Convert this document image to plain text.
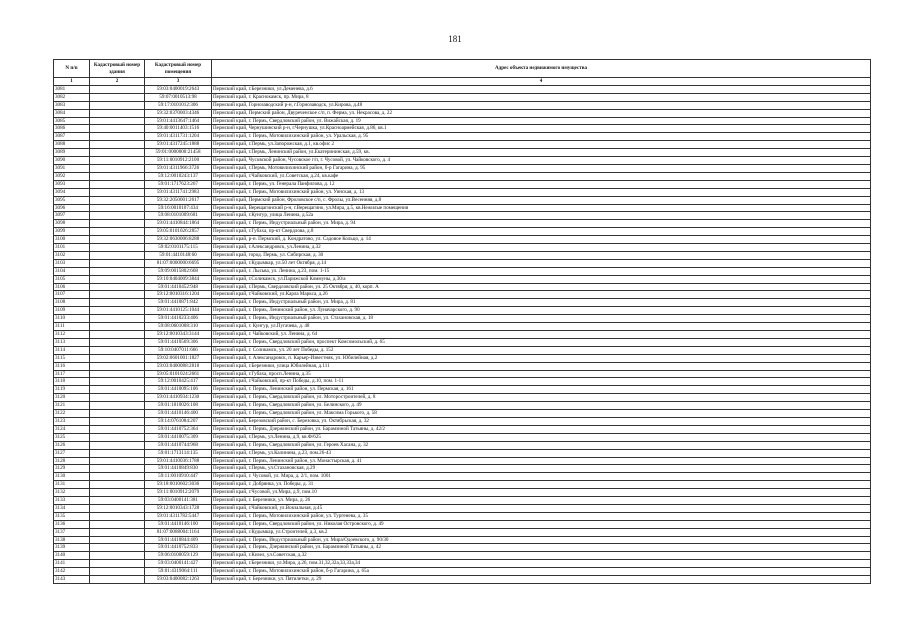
181
N п/п	Кадастровый номер здания	Кадастровый номер помещения	Адрес объекта недвижимого имущества
1	2	3	4
3081		59:03:0400019:2643	Пермский край, г.Березники, ул.Деменева, д.6
3082		59:07:0010513:98	Пермский край, г. Краснокамск, пр. Мира, 8
3083		59:17:0101012:306	Пермский край, Горнозаводский р-н, г.Горнозаводск, ул.Кирова, д.48
3084		59:32:0370003:4346	Пермский край, Пермский район, Двуреченское с/п, п. Ферма, ул. Некрасова, д. 22
3085		59:01:4413647:1464	Пермский край, г. Пермь, Свердловский район, ул. Вижайская, д. 19
3086		59:40:0011403:1516	Пермский край, Чернушинский р-н, г.Чернушка, ул.Красноармейская, д.86, кв.1
3087		59:01:4311731:1204	Пермский край, г. Пермь, Мотовилихинский район, ул. Уральская, д. 95
3088		59:01:4317245:1888	Пермский край, г.Пермь, ул.Запорожская, д.1, кв.офис 2
3089		59:01:0000000:21458	Пермский край, г.Пермь, Ленинский район, ул.Екатерининская, д.59, кв.
3090		59:11:0010912:2100	Пермский край, Чусовской район, Чусовское г/п, г. Чусовой, ул. Чайковского, д. 4
3091		59:01:4311966:3726	Пермский край, г.Пермь, Мотовилихинский район, б-р Гагарина, д. 95
3092		59:12:0010243:137	Пермский край, г.Чайковский, ул.Советская, д.24, кв.кафе
3093		59:01:1717623:267	Пермский край, г. Пермь, ул. Генерала Панфилова, д. 12
3094		59:01:4311741:2983	Пермский край, г. Пермь, Мотовилихинский район, ул. Уинская, д. 13
3095		59:32:2050001:2617	Пермский край, Пермский район, Фроловское с/п, с. Фролы, ул.Весенняя, д.8
3096		59:16:0010107:434	Пермский край, Верещагинский р-н, г.Верещагино, ул.Мира, д.5, кв.Нежилые помещения
3097		59:08:0101009:681	Пермский край, г.Кунгур, улица Ленина, д.52а
3098		59:01:4410844:1864	Пермский край, г. Пермь, Индустриальный район, ул. Мира, д. 94
3099		59:05:0101026:2857	Пермский край, г.Губаха, пр-кт Свердлова, д.8
3100		59:32:0630006:8288	Пермский край, р-н. Пермский, д. Кондратово, ул. Садовое Кольцо, д. 14
3101		59:02:0101175:115	Пермский край, г.Александровск, ул.Ленина, д.32
3102		59:01:4410148:60	Пермский край, город. Пермь, ул. Сибирская, д. 30
3103		81:07:0000000:6695	Пермский край, г.Кудымкар, ул.50 лет Октября, д.14
3104		59:09:0015802:668	Пермский край, г. Лысьва, ул. Ленина, д.23, пом. 1-15
3105		59:10:0404009:3844	Пермский край, г.Соликамск, ул.Парижской Коммуны, д.30/а
3106		59:01:4410452:948	Пермский край, г.Пермь, Свердловский район, ул. 25 Октября, д. 40, корп. А
3107		59:12:0010316:1204	Пермский край, г.Чайковский, ул.Карла Маркса, д.26
3108		59:01:4410871:842	Пермский край, г. Пермь, Индустриальный район, ул. Мира, д. 81
3109		59:01:4410125:1044	Пермский край, г. Пермь, Ленинский район, ул. Луначарского, д. 90
3110		59:01:4410233:406	Пермский край, г. Пермь, Индустриальный район, ул. Стахановская, д. 18
3111		59:08:0601008:310	Пермский край, г. Кунгур, ул.Пугачева, д. 48
3112		59:12:0010343:3144	Пермский край, г. Чайковский, ул. Ленина, д. 64
3113		59:01:4410569:306	Пермский край, г. Пермь, Свердловский район, проспект Комсомольский, д. 65
3114		59:10:0407011:666	Пермский край, г. Соликамск, ул. 20 лет Победы, д. 152
3115		59:02:0601001:1827	Пермский край, г. Александровск, п. Карьер-Известняк, ул. Юбилейная, д.2
3116		59:03:0400088:2818	Пермский край, г.Березники, улица Юбилейная, д.111
3117		59:05:0101024:2661	Пермский край, г.Губаха, просп.Ленина, д.35
3118		59:12:0010425:417	Пермский край, г.Чайковский, пр-кт Победы, д.10, пом. 1-11
3119		59:01:4410095:106	Пермский край, г. Пермь, Ленинский район, ул. Пермская, д. 161
3120		59:01:4410934:1230	Пермский край, г. Пермь, Свердловский район, ул. Моторостроителей, д. 8
3121		59:01:1810026:108	Пермский край, г. Пермь, Свердловский район, ул. Белинского, д. 49
3122		59:01:4410146:400	Пермский край, г. Пермь, Свердловский район, ул. Максима Горького, д. 58
3123		59:14:0761084:207	Пермский край, Березовский район, с. Березовка, ул. Октябрьская, д. 32
3124		59:01:4410752:364	Пермский край, г. Пермь, Дзержинский район, ул. Барамзиной Татьяны, д. 42/2
3125		59:01:4410075:309	Пермский край, г.Пермь, ул.Ленина, д.9, кв.Ф/625
3126		59:01:4410744:968	Пермский край, г. Пермь, Свердловский район, ул. Героев Хасана, д. 32
3127		59:01:1713114:135	Пермский край, г.Пермь, ул.Калинина, д.23, пом.26-43
3128		59:01:4410036:1788	Пермский край, г. Пермь, Ленинский район, ул. Монастырская, д. 41
3129		59:01:4410849:830	Пермский край, г.Пермь, ул.Стахановская, д.29
3130		59:11:0010910:447	Пермский край, г. Чусовой, ул. Мира, д. 2/1, пом. 1001
3131		59:18:0010602:3036	Пермский край, г. Добрянка, ул. Победы, д. 31
3132		59:11:0010912:2079	Пермский край, г.Чусовой, ул.Мира, д.9, пом.10
3133		59:03:0400141:381	Пермский край, г. Березники, ул. Мира, д. 26
3134		59:12:0010343:1728	Пермский край, г.Чайковский, ул.Вокзальная, д.45
3135		59:01:4311782:5447	Пермский край, г. Пермь, Мотовилихинский район, ул. Тургенева, д. 35
3136		59:01:4410146:100	Пермский край, г. Пермь, Свердловский район, ул. Николая Островского, д. 49
3137		81:07:0088004:1164	Пермский край, г.Кудымкар, ул.Строителей, д.3, кв.2
3138		59:01:4410844:409	Пермский край, г. Пермь, Индустриальный район, ул. Мира/Одоевского, д. 90/30
3139		59:01:4410752:833	Пермский край, г. Пермь, Дзержинский район, ул. Барамзиной Татьяны, д. 42
3140		59:06:0100059:129	Пермский край, г.Кизел, ул.Советская, д.32
3141		59:03:0400141:427	Пермский край, г.Березники, ул.Мира, д.26, пом.31,32,32а,33,33а,34
3142		59:01:4319064:111	Пермский край, г. Пермь, Мотовилихинский район, б-р Гагарина, д. 65а
3143		59:03:0400082:1263	Пермский край, г. Березники, ул. Пятилетки, д. 29
